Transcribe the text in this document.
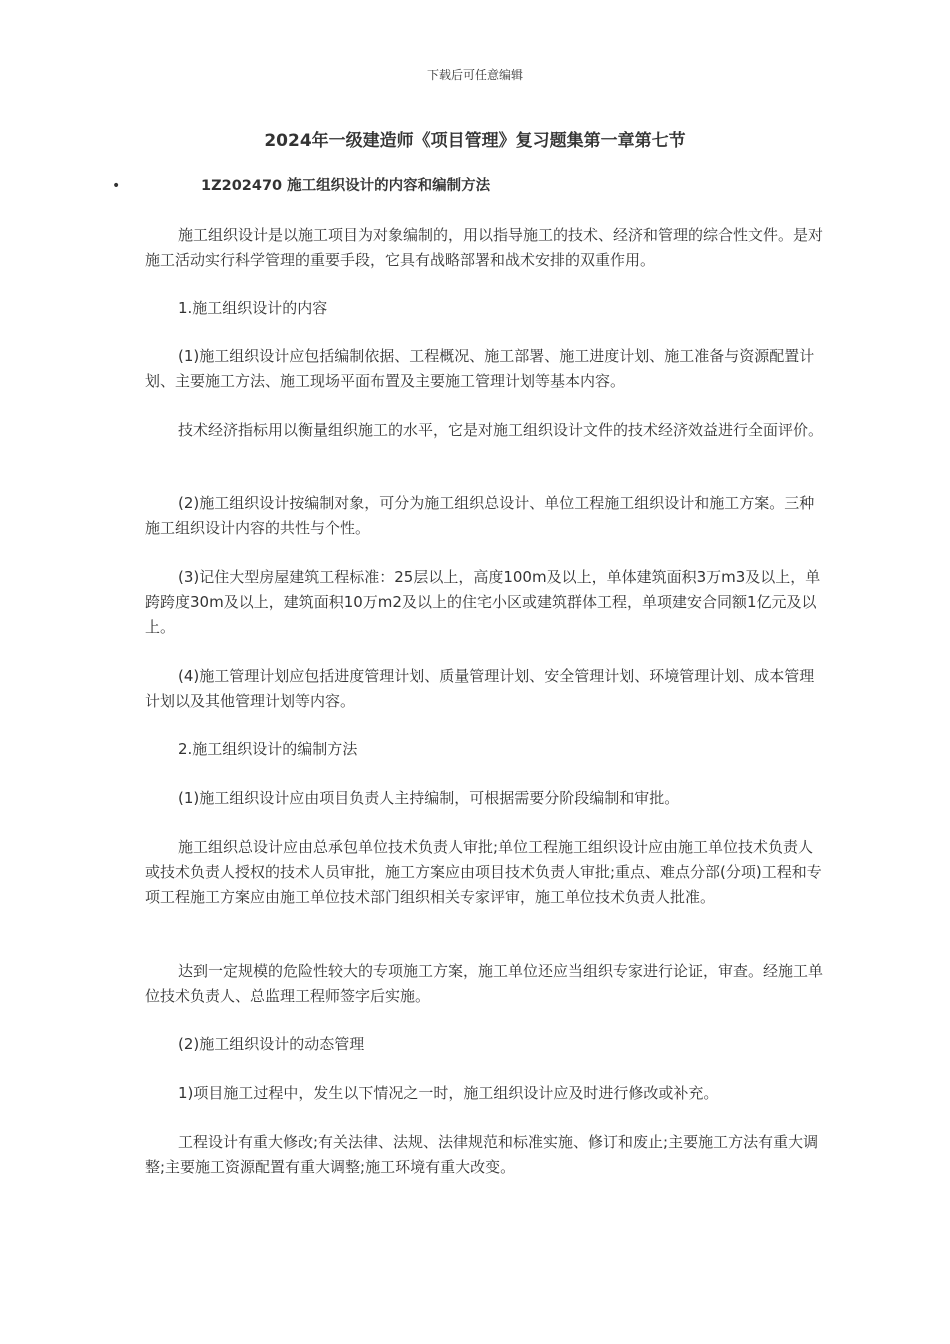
下载后可任意编辑
2024年一级建造师《项目管理》复习题集第一章第七节
•	1Z202470 施工组织设计的内容和编制方法

施工组织设计是以施工项目为对象编制的，用以指导施工的技术、经济和管理的综合性文件。是对施工活动实行科学管理的重要手段，它具有战略部署和战术安排的双重作用。

1.施工组织设计的内容

(1)施工组织设计应包括编制依据、工程概况、施工部署、施工进度计划、施工准备与资源配置计划、主要施工方法、施工现场平面布置及主要施工管理计划等基本内容。

技术经济指标用以衡量组织施工的水平，它是对施工组织设计文件的技术经济效益进行全面评价。

(2)施工组织设计按编制对象，可分为施工组织总设计、单位工程施工组织设计和施工方案。三种施工组织设计内容的共性与个性。

(3)记住大型房屋建筑工程标准：25层以上，高度100m及以上，单体建筑面积3万m3及以上，单跨跨度30m及以上，建筑面积10万m2及以上的住宅小区或建筑群体工程，单项建安合同额1亿元及以上。

(4)施工管理计划应包括进度管理计划、质量管理计划、安全管理计划、环境管理计划、成本管理计划以及其他管理计划等内容。

2.施工组织设计的编制方法

(1)施工组织设计应由项目负责人主持编制，可根据需要分阶段编制和审批。

施工组织总设计应由总承包单位技术负责人审批;单位工程施工组织设计应由施工单位技术负责人或技术负责人授权的技术人员审批，施工方案应由项目技术负责人审批;重点、难点分部(分项)工程和专项工程施工方案应由施工单位技术部门组织相关专家评审，施工单位技术负责人批准。

达到一定规模的危险性较大的专项施工方案，施工单位还应当组织专家进行论证，审查。经施工单位技术负责人、总监理工程师签字后实施。

(2)施工组织设计的动态管理

1)项目施工过程中，发生以下情况之一时，施工组织设计应及时进行修改或补充。

工程设计有重大修改;有关法律、法规、法律规范和标准实施、修订和废止;主要施工方法有重大调整;主要施工资源配置有重大调整;施工环境有重大改变。
